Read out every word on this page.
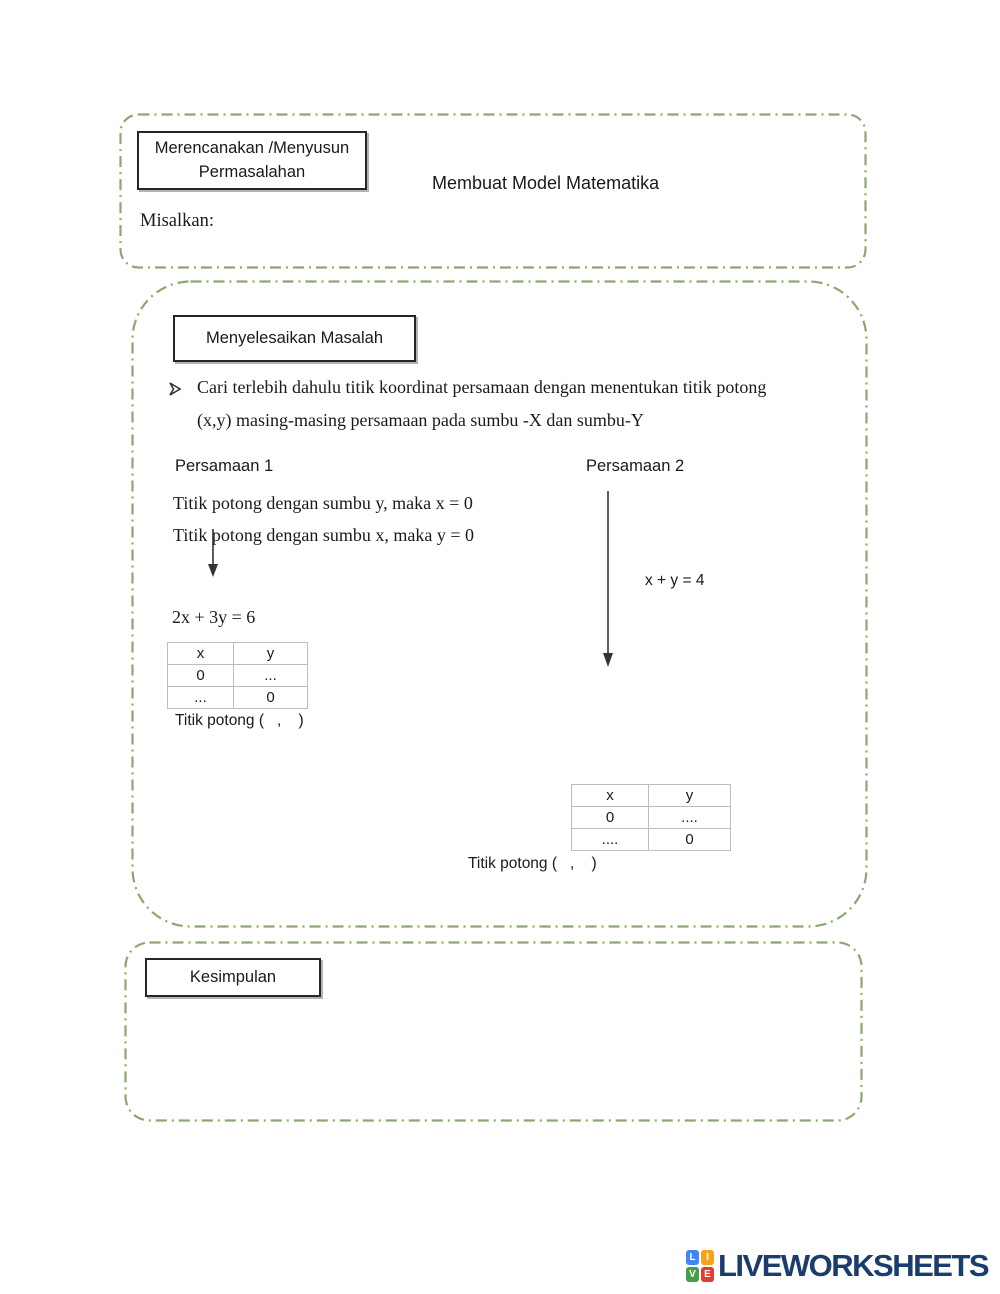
Merencanakan /Menyusun
Permasalahan
Membuat Model Matematika
Misalkan:
Menyelesaikan Masalah
Cari terlebih dahulu titik koordinat persamaan dengan menentukan titik potong
(x,y) masing-masing persamaan pada sumbu -X dan sumbu-Y
Persamaan 1	Persamaan 2
Titik potong dengan sumbu y, maka x = 0
Titik potong dengan sumbu x, maka y = 0
x + y = 4
2x + 3y = 6
x	y
0	...
...	0
Titik potong (   ,    )
x	y
0	....
....	0
Titik potong (   ,    )
Kesimpulan
L	I
V E LIVEWORKSHEETS
